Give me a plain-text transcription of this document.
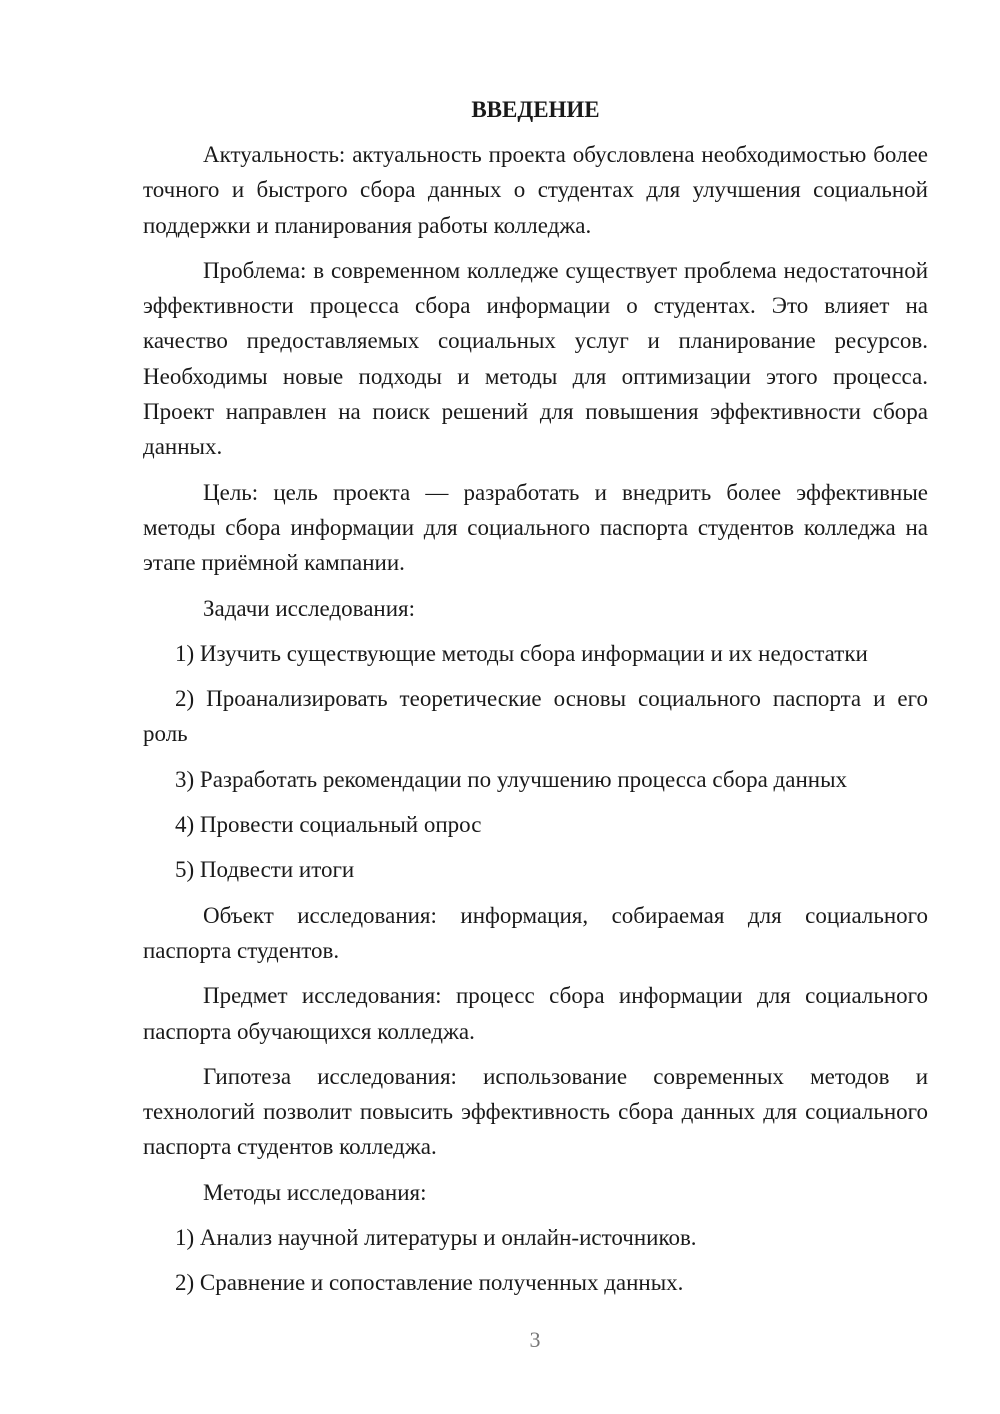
ВВЕДЕНИЕ

Актуальность: актуальность проекта обусловлена необходимостью более точного и быстрого сбора данных о студентах для улучшения социальной поддержки и планирования работы колледжа.

Проблема: в современном колледже существует проблема недостаточной эффективности процесса сбора информации о студентах. Это влияет на качество предоставляемых социальных услуг и планирование ресурсов. Необходимы новые подходы и методы для оптимизации этого процесса. Проект направлен на поиск решений для повышения эффективности сбора данных.

Цель: цель проекта — разработать и внедрить более эффективные методы сбора информации для социального паспорта студентов колледжа на этапе приёмной кампании.

Задачи исследования:

1) Изучить существующие методы сбора информации и их недостатки

2) Проанализировать теоретические основы социального паспорта и его роль

3) Разработать рекомендации по улучшению процесса сбора данных

4) Провести социальный опрос

5) Подвести итоги

Объект исследования: информация, собираемая для социального паспорта студентов.

Предмет исследования: процесс сбора информации для социального паспорта обучающихся колледжа.

Гипотеза исследования: использование современных методов и технологий позволит повысить эффективность сбора данных для социального паспорта студентов колледжа.

Методы исследования:

1) Анализ научной литературы и онлайн-источников.

2) Сравнение и сопоставление полученных данных.

3
